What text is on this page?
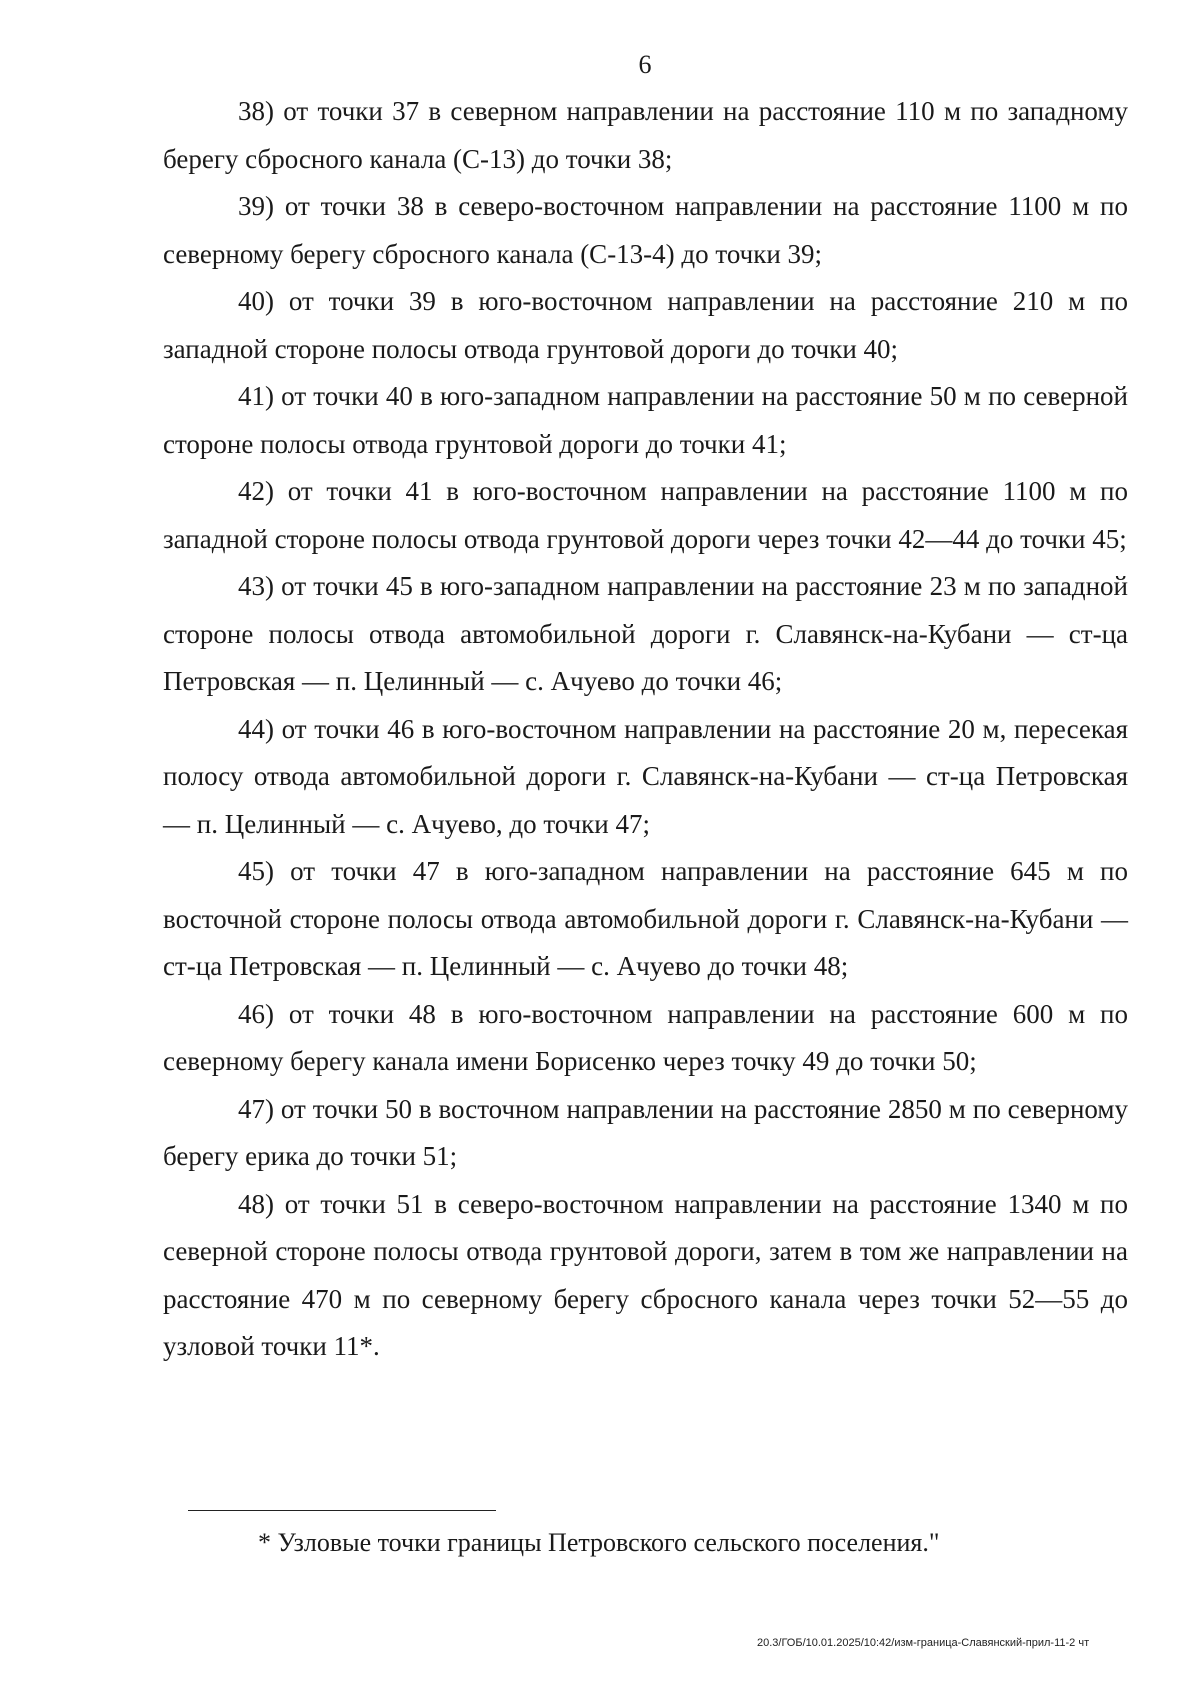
6

38) от точки 37 в северном направлении на расстояние 110 м по западному берегу сбросного канала (С-13) до точки 38;

39) от точки 38 в северо-восточном направлении на расстояние 1100 м по северному берегу сбросного канала (С-13-4) до точки 39;

40) от точки 39 в юго-восточном направлении на расстояние 210 м по западной стороне полосы отвода грунтовой дороги до точки 40;

41) от точки 40 в юго-западном направлении на расстояние 50 м по северной стороне полосы отвода грунтовой дороги до точки 41;

42) от точки 41 в юго-восточном направлении на расстояние 1100 м по западной стороне полосы отвода грунтовой дороги через точки 42—44 до точки 45;

43) от точки 45 в юго-западном направлении на расстояние 23 м по западной стороне полосы отвода автомобильной дороги г. Славянск-на-Кубани — ст-ца Петровская — п. Целинный — с. Ачуево до точки 46;

44) от точки 46 в юго-восточном направлении на расстояние 20 м, пересекая полосу отвода автомобильной дороги г. Славянск-на-Кубани — ст-ца Петровская — п. Целинный — с. Ачуево, до точки 47;

45) от точки 47 в юго-западном направлении на расстояние 645 м по восточной стороне полосы отвода автомобильной дороги г. Славянск-на-Кубани — ст-ца Петровская — п. Целинный — с. Ачуево до точки 48;

46) от точки 48 в юго-восточном направлении на расстояние 600 м по северному берегу канала имени Борисенко через точку 49 до точки 50;

47) от точки 50 в восточном направлении на расстояние 2850 м по северному берегу ерика до точки 51;

48) от точки 51 в северо-восточном направлении на расстояние 1340 м по северной стороне полосы отвода грунтовой дороги, затем в том же направлении на расстояние 470 м по северному берегу сбросного канала через точки 52—55 до узловой точки 11*.

* Узловые точки границы Петровского сельского поселения."
20.3/ГОБ/10.01.2025/10:42/изм-граница-Славянский-прил-11-2 чт
